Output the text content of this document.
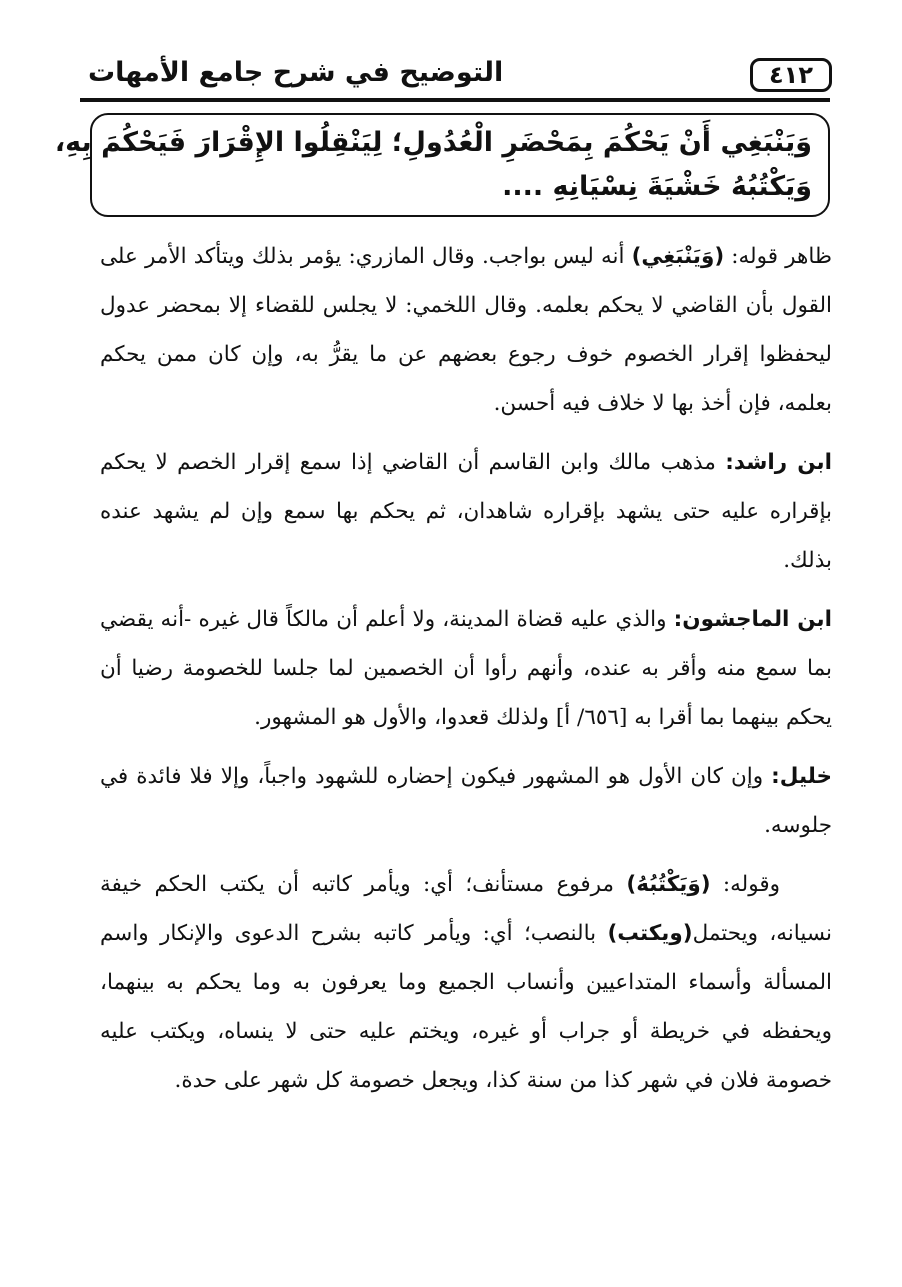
٤١٢
التوضيح في شرح جامع الأمهات
وَيَنْبَغِي أَنْ يَحْكُمَ بِمَحْضَرِ الْعُدُولِ؛ لِيَنْقِلُوا الإِقْرَارَ فَيَحْكُمَ بِهِ،
وَيَكْتُبُهُ خَشْيَةَ نِسْيَانِهِ ....

ظاهر قوله: (وَيَنْبَغِي) أنه ليس بواجب. وقال المازري: يؤمر بذلك ويتأكد الأمر على القول بأن القاضي لا يحكم بعلمه. وقال اللخمي: لا يجلس للقضاء إلا بمحضر عدول ليحفظوا إقرار الخصوم خوف رجوع بعضهم عن ما يقرُّ به، وإن كان ممن يحكم بعلمه، فإن أخذ بها لا خلاف فيه أحسن.

ابن راشد: مذهب مالك وابن القاسم أن القاضي إذا سمع إقرار الخصم لا يحكم بإقراره عليه حتى يشهد بإقراره شاهدان، ثم يحكم بها سمع وإن لم يشهد عنده بذلك.

ابن الماجشون: والذي عليه قضاة المدينة، ولا أعلم أن مالكاً قال غيره -أنه يقضي بما سمع منه وأقر به عنده، وأنهم رأوا أن الخصمين لما جلسا للخصومة رضيا أن يحكم بينهما بما أقرا به [٦٥٦/ أ] ولذلك قعدوا، والأول هو المشهور.

خليل: وإن كان الأول هو المشهور فيكون إحضاره للشهود واجباً، وإلا فلا فائدة في جلوسه.

وقوله: (وَيَكْتُبُهُ) مرفوع مستأنف؛ أي: ويأمر كاتبه أن يكتب الحكم خيفة نسيانه، ويحتمل(ويكتب) بالنصب؛ أي: ويأمر كاتبه بشرح الدعوى والإنكار واسم المسألة وأسماء المتداعيين وأنساب الجميع وما يعرفون به وما يحكم به بينهما، ويحفظه في خريطة أو جراب أو غيره، ويختم عليه حتى لا ينساه، ويكتب عليه خصومة فلان في شهر كذا من سنة كذا، ويجعل خصومة كل شهر على حدة.
